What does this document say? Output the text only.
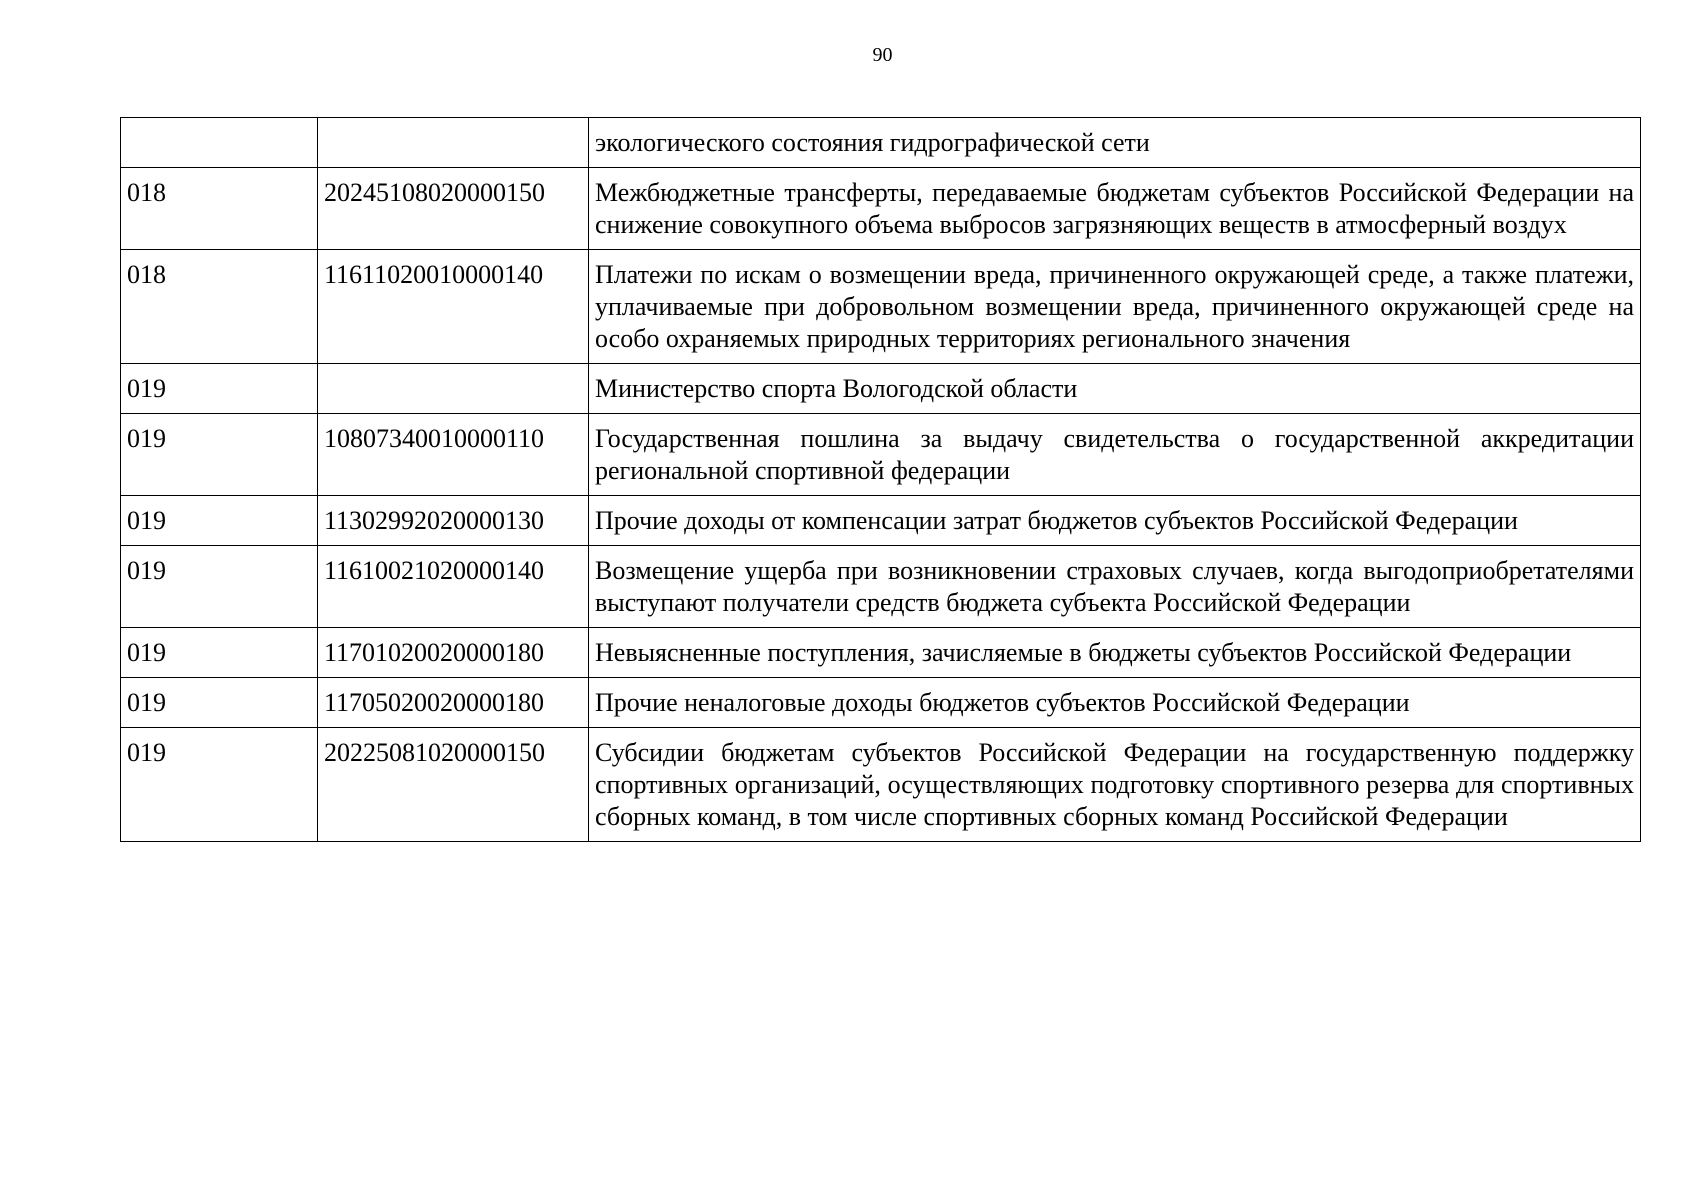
90
		экологического состояния гидрографической сети
018	20245108020000150	Межбюджетные трансферты, передаваемые бюджетам субъектов Российской Федерации на снижение совокупного объема выбросов загрязняющих веществ в атмосферный воздух
018	11611020010000140	Платежи по искам о возмещении вреда, причиненного окружающей среде, а также платежи, уплачиваемые при добровольном возмещении вреда, причиненного окружающей среде на особо охраняемых природных территориях регионального значения
019		Министерство спорта Вологодской области
019	10807340010000110	Государственная пошлина за выдачу свидетельства о государственной аккредитации региональной спортивной федерации
019	11302992020000130	Прочие доходы от компенсации затрат бюджетов субъектов Российской Федерации
019	11610021020000140	Возмещение ущерба при возникновении страховых случаев, когда выгодоприобретателями выступают получатели средств бюджета субъекта Российской Федерации
019	11701020020000180	Невыясненные поступления, зачисляемые в бюджеты субъектов Российской Федерации
019	11705020020000180	Прочие неналоговые доходы бюджетов субъектов Российской Федерации
019	20225081020000150	Субсидии бюджетам субъектов Российской Федерации на государственную поддержку спортивных организаций, осуществляющих подготовку спортивного резерва для спортивных сборных команд, в том числе спортивных сборных команд Российской Федерации
